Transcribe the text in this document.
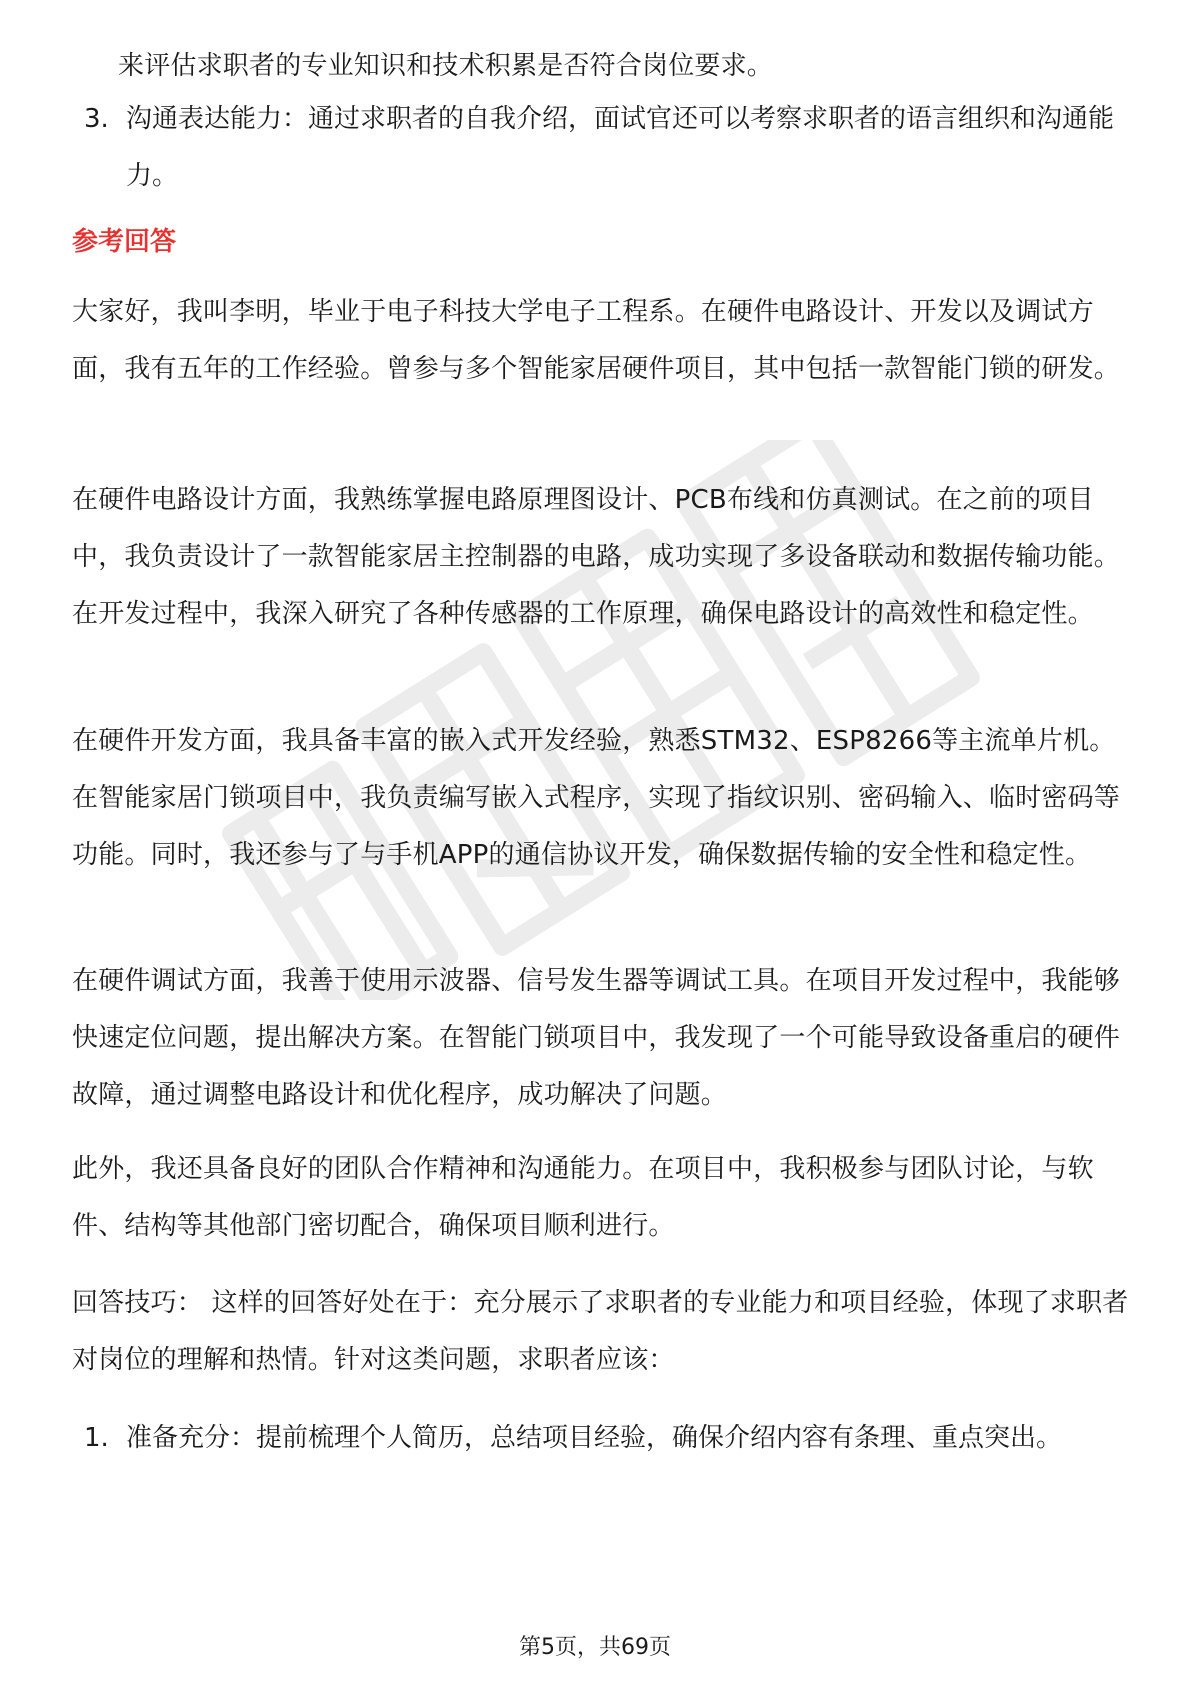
来评估求职者的专业知识和技术积累是否符合岗位要求。

3. 沟通表达能力：通过求职者的自我介绍，面试官还可以考察求职者的语言组织和沟通能力。
参考回答

大家好，我叫李明，毕业于电子科技大学电子工程系。在硬件电路设计、开发以及调试方面，我有五年的工作经验。曾参与多个智能家居硬件项目，其中包括一款智能门锁的研发。

在硬件电路设计方面，我熟练掌握电路原理图设计、PCB布线和仿真测试。在之前的项目中，我负责设计了一款智能家居主控制器的电路，成功实现了多设备联动和数据传输功能。在开发过程中，我深入研究了各种传感器的工作原理，确保电路设计的高效性和稳定性。

在硬件开发方面，我具备丰富的嵌入式开发经验，熟悉STM32、ESP8266等主流单片机。在智能家居门锁项目中，我负责编写嵌入式程序，实现了指纹识别、密码输入、临时密码等功能。同时，我还参与了与手机APP的通信协议开发，确保数据传输的安全性和稳定性。

在硬件调试方面，我善于使用示波器、信号发生器等调试工具。在项目开发过程中，我能够快速定位问题，提出解决方案。在智能门锁项目中，我发现了一个可能导致设备重启的硬件故障，通过调整电路设计和优化程序，成功解决了问题。

此外，我还具备良好的团队合作精神和沟通能力。在项目中，我积极参与团队讨论，与软件、结构等其他部门密切配合，确保项目顺利进行。

回答技巧： 这样的回答好处在于：充分展示了求职者的专业能力和项目经验，体现了求职者对岗位的理解和热情。针对这类问题，求职者应该：

1. 准备充分：提前梳理个人简历，总结项目经验，确保介绍内容有条理、重点突出。
第5页，共69页
